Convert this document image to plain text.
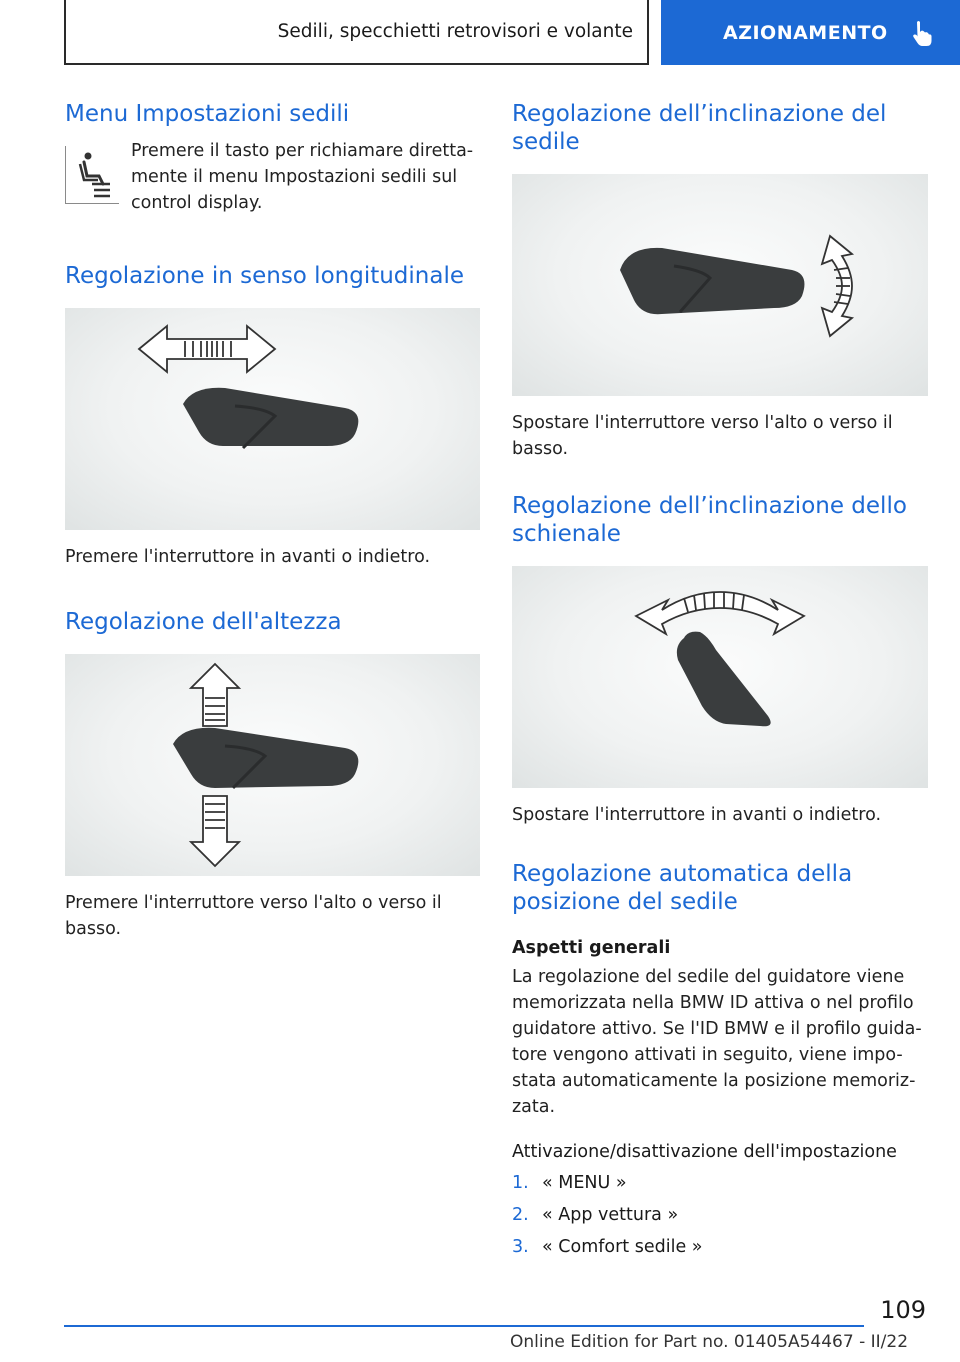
Sedili, specchietti retrovisori e volante	AZIONAMENTO
Menu Impostazioni sedili

Premere il tasto per richiamare diretta-mente il menu Impostazioni sedili sul control display.

Regolazione in senso longitudinale

Premere l'interruttore in avanti o indietro.

Regolazione dell'altezza

Premere l'interruttore verso l'alto o verso il basso.

Regolazione dell’inclinazione del sedile

Spostare l'interruttore verso l'alto o verso il basso.

Regolazione dell’inclinazione dello schienale

Spostare l'interruttore in avanti o indietro.

Regolazione automatica della posizione del sedile
Aspetti generali

La regolazione del sedile del guidatore viene memorizzata nella BMW ID attiva o nel profilo guidatore attivo. Se l'ID BMW e il profilo guida-tore vengono attivati in seguito, viene impo-stata automaticamente la posizione memoriz-zata.

Attivazione/disattivazione dell'impostazione
1. « MENU »
2. « App vettura »
3. « Comfort sedile »
109
Online Edition for Part no. 01405A54467 - II/22
